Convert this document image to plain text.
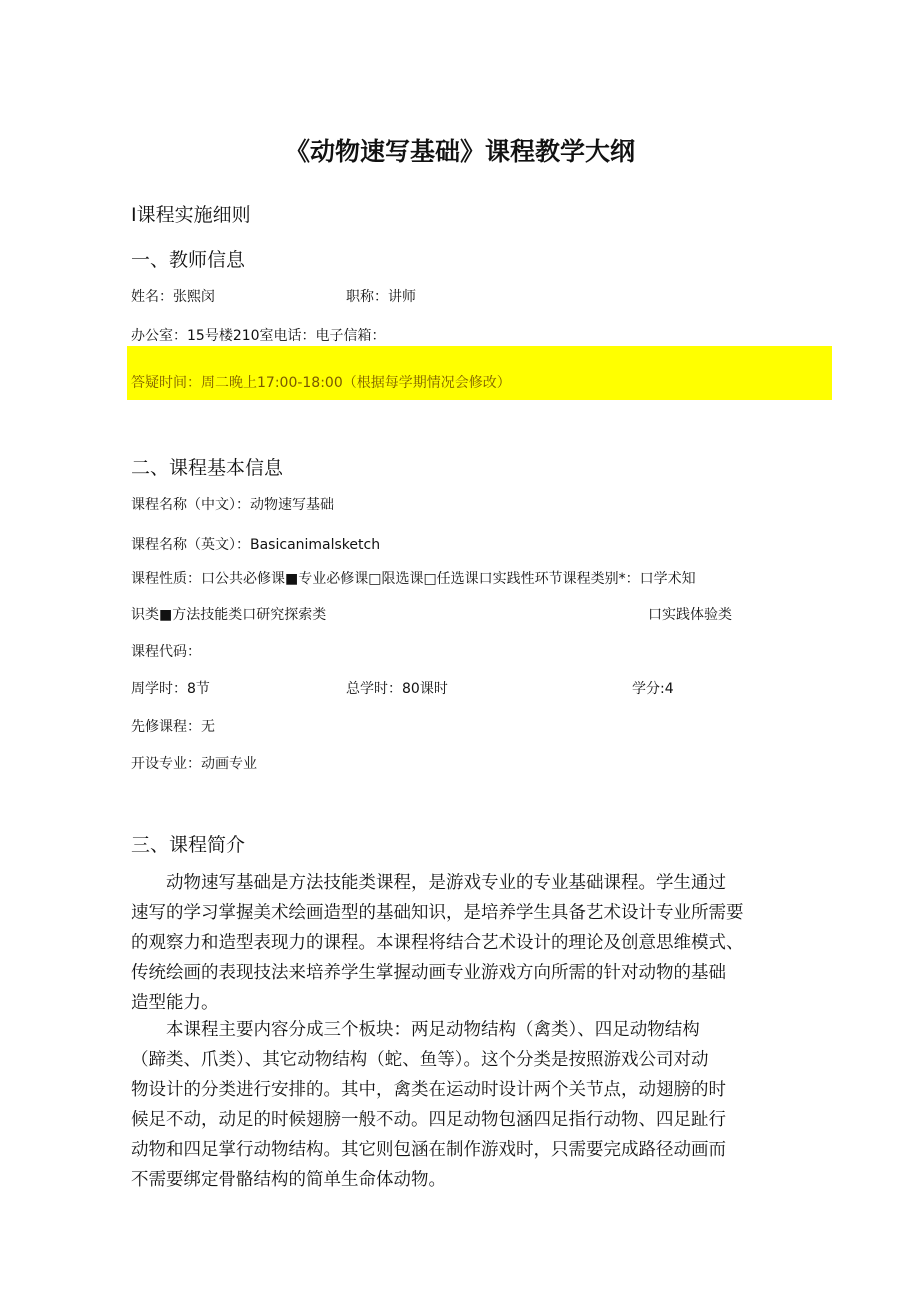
《动物速写基础》课程教学大纲
I课程实施细则
一、教师信息
姓名：张熙闵	职称：讲师
办公室：15号楼210室电话：电子信箱：
答疑时间：周二晚上17:00-18:00（根据每学期情况会修改）
二、课程基本信息
课程名称（中文）：动物速写基础
课程名称（英文）：Basicanimalsketch
课程性质：口公共必修课■专业必修课□限选课□任选课口实践性环节课程类别*：口学术知
识类■方法技能类口研究探索类	口实践体验类
课程代码：
周学时：8节	总学时：80课时	学分:4
先修课程：无
开设专业：动画专业
三、课程简介

　　动物速写基础是方法技能类课程，是游戏专业的专业基础课程。学生通过

速写的学习掌握美术绘画造型的基础知识，是培养学生具备艺术设计专业所需要

的观察力和造型表现力的课程。本课程将结合艺术设计的理论及创意思维模式、

传统绘画的表现技法来培养学生掌握动画专业游戏方向所需的针对动物的基础

造型能力。

　　本课程主要内容分成三个板块：两足动物结构（禽类）、四足动物结构

（蹄类、爪类）、其它动物结构（蛇、鱼等）。这个分类是按照游戏公司对动

物设计的分类进行安排的。其中，禽类在运动时设计两个关节点，动翅膀的时

候足不动，动足的时候翅膀一般不动。四足动物包涵四足指行动物、四足趾行

动物和四足掌行动物结构。其它则包涵在制作游戏时，只需要完成路径动画而

不需要绑定骨骼结构的简单生命体动物。
